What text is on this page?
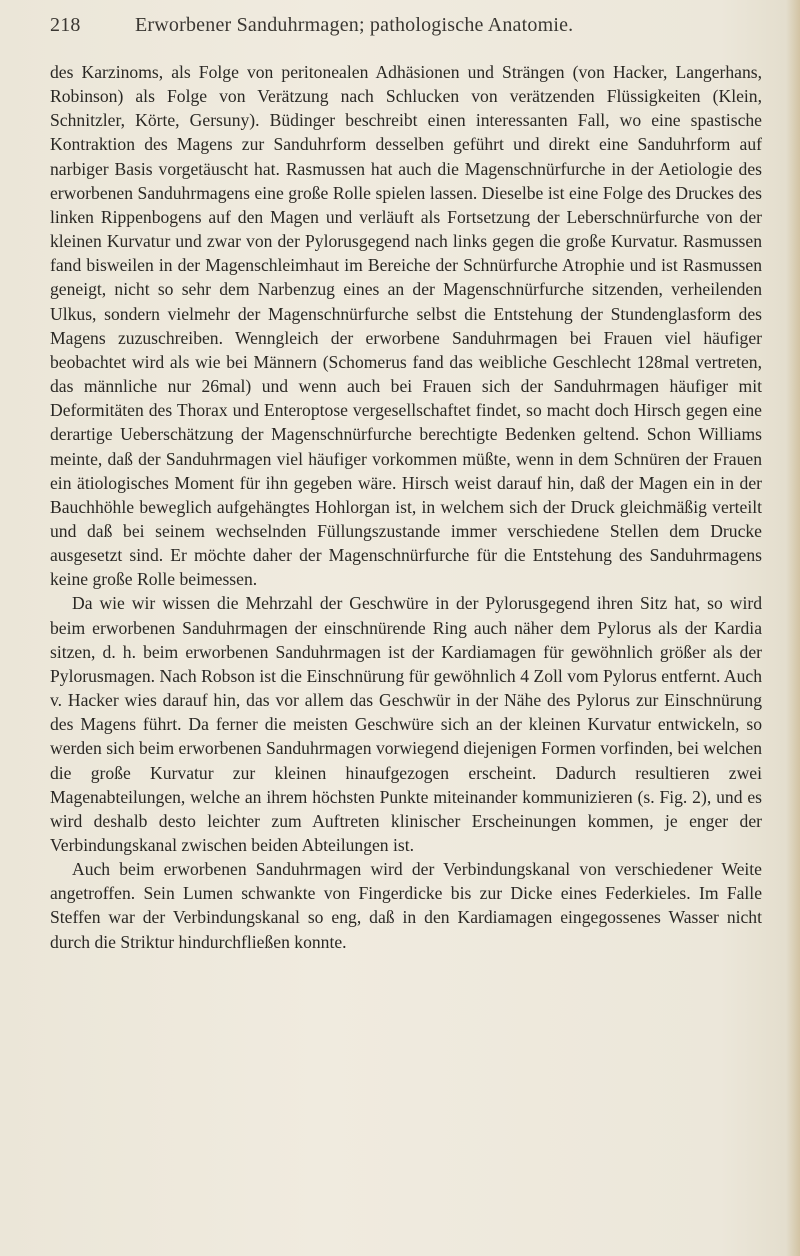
218	Erworbener Sanduhrmagen; pathologische Anatomie.

des Karzinoms, als Folge von peritonealen Adhäsionen und Strängen (von Hacker, Langerhans, Robinson) als Folge von Verätzung nach Schlucken von verätzenden Flüssigkeiten (Klein, Schnitzler, Körte, Gersuny). Büdinger beschreibt einen interessanten Fall, wo eine spastische Kontraktion des Magens zur Sanduhrform desselben geführt und direkt eine Sanduhrform auf narbiger Basis vorgetäuscht hat. Rasmussen hat auch die Magenschnürfurche in der Aetiologie des erworbenen Sanduhrmagens eine große Rolle spielen lassen. Dieselbe ist eine Folge des Druckes des linken Rippenbogens auf den Magen und verläuft als Fortsetzung der Leberschnürfurche von der kleinen Kurvatur und zwar von der Pylorusgegend nach links gegen die große Kurvatur. Rasmussen fand bisweilen in der Magenschleimhaut im Bereiche der Schnürfurche Atrophie und ist Rasmussen geneigt, nicht so sehr dem Narbenzug eines an der Magenschnürfurche sitzenden, verheilenden Ulkus, sondern vielmehr der Magenschnürfurche selbst die Entstehung der Stundenglasform des Magens zuzuschreiben. Wenngleich der erworbene Sanduhrmagen bei Frauen viel häufiger beobachtet wird als wie bei Männern (Schomerus fand das weibliche Geschlecht 128mal vertreten, das männliche nur 26mal) und wenn auch bei Frauen sich der Sanduhrmagen häufiger mit Deformitäten des Thorax und Enteroptose vergesellschaftet findet, so macht doch Hirsch gegen eine derartige Ueberschätzung der Magenschnürfurche berechtigte Bedenken geltend. Schon Williams meinte, daß der Sanduhrmagen viel häufiger vorkommen müßte, wenn in dem Schnüren der Frauen ein ätiologisches Moment für ihn gegeben wäre. Hirsch weist darauf hin, daß der Magen ein in der Bauchhöhle beweglich aufgehängtes Hohlorgan ist, in welchem sich der Druck gleichmäßig verteilt und daß bei seinem wechselnden Füllungszustande immer verschiedene Stellen dem Drucke ausgesetzt sind. Er möchte daher der Magenschnürfurche für die Entstehung des Sanduhrmagens keine große Rolle beimessen.

Da wie wir wissen die Mehrzahl der Geschwüre in der Pylorusgegend ihren Sitz hat, so wird beim erworbenen Sanduhrmagen der einschnürende Ring auch näher dem Pylorus als der Kardia sitzen, d. h. beim erworbenen Sanduhrmagen ist der Kardiamagen für gewöhnlich größer als der Pylorusmagen. Nach Robson ist die Einschnürung für gewöhnlich 4 Zoll vom Pylorus entfernt. Auch v. Hacker wies darauf hin, das vor allem das Geschwür in der Nähe des Pylorus zur Einschnürung des Magens führt. Da ferner die meisten Geschwüre sich an der kleinen Kurvatur entwickeln, so werden sich beim erworbenen Sanduhrmagen vorwiegend diejenigen Formen vorfinden, bei welchen die große Kurvatur zur kleinen hinaufgezogen erscheint. Dadurch resultieren zwei Magenabteilungen, welche an ihrem höchsten Punkte miteinander kommunizieren (s. Fig. 2), und es wird deshalb desto leichter zum Auftreten klinischer Erscheinungen kommen, je enger der Verbindungskanal zwischen beiden Abteilungen ist.

Auch beim erworbenen Sanduhrmagen wird der Verbindungskanal von verschiedener Weite angetroffen. Sein Lumen schwankte von Fingerdicke bis zur Dicke eines Federkieles. Im Falle Steffen war der Verbindungskanal so eng, daß in den Kardiamagen eingegossenes Wasser nicht durch die Striktur hindurchfließen konnte.
